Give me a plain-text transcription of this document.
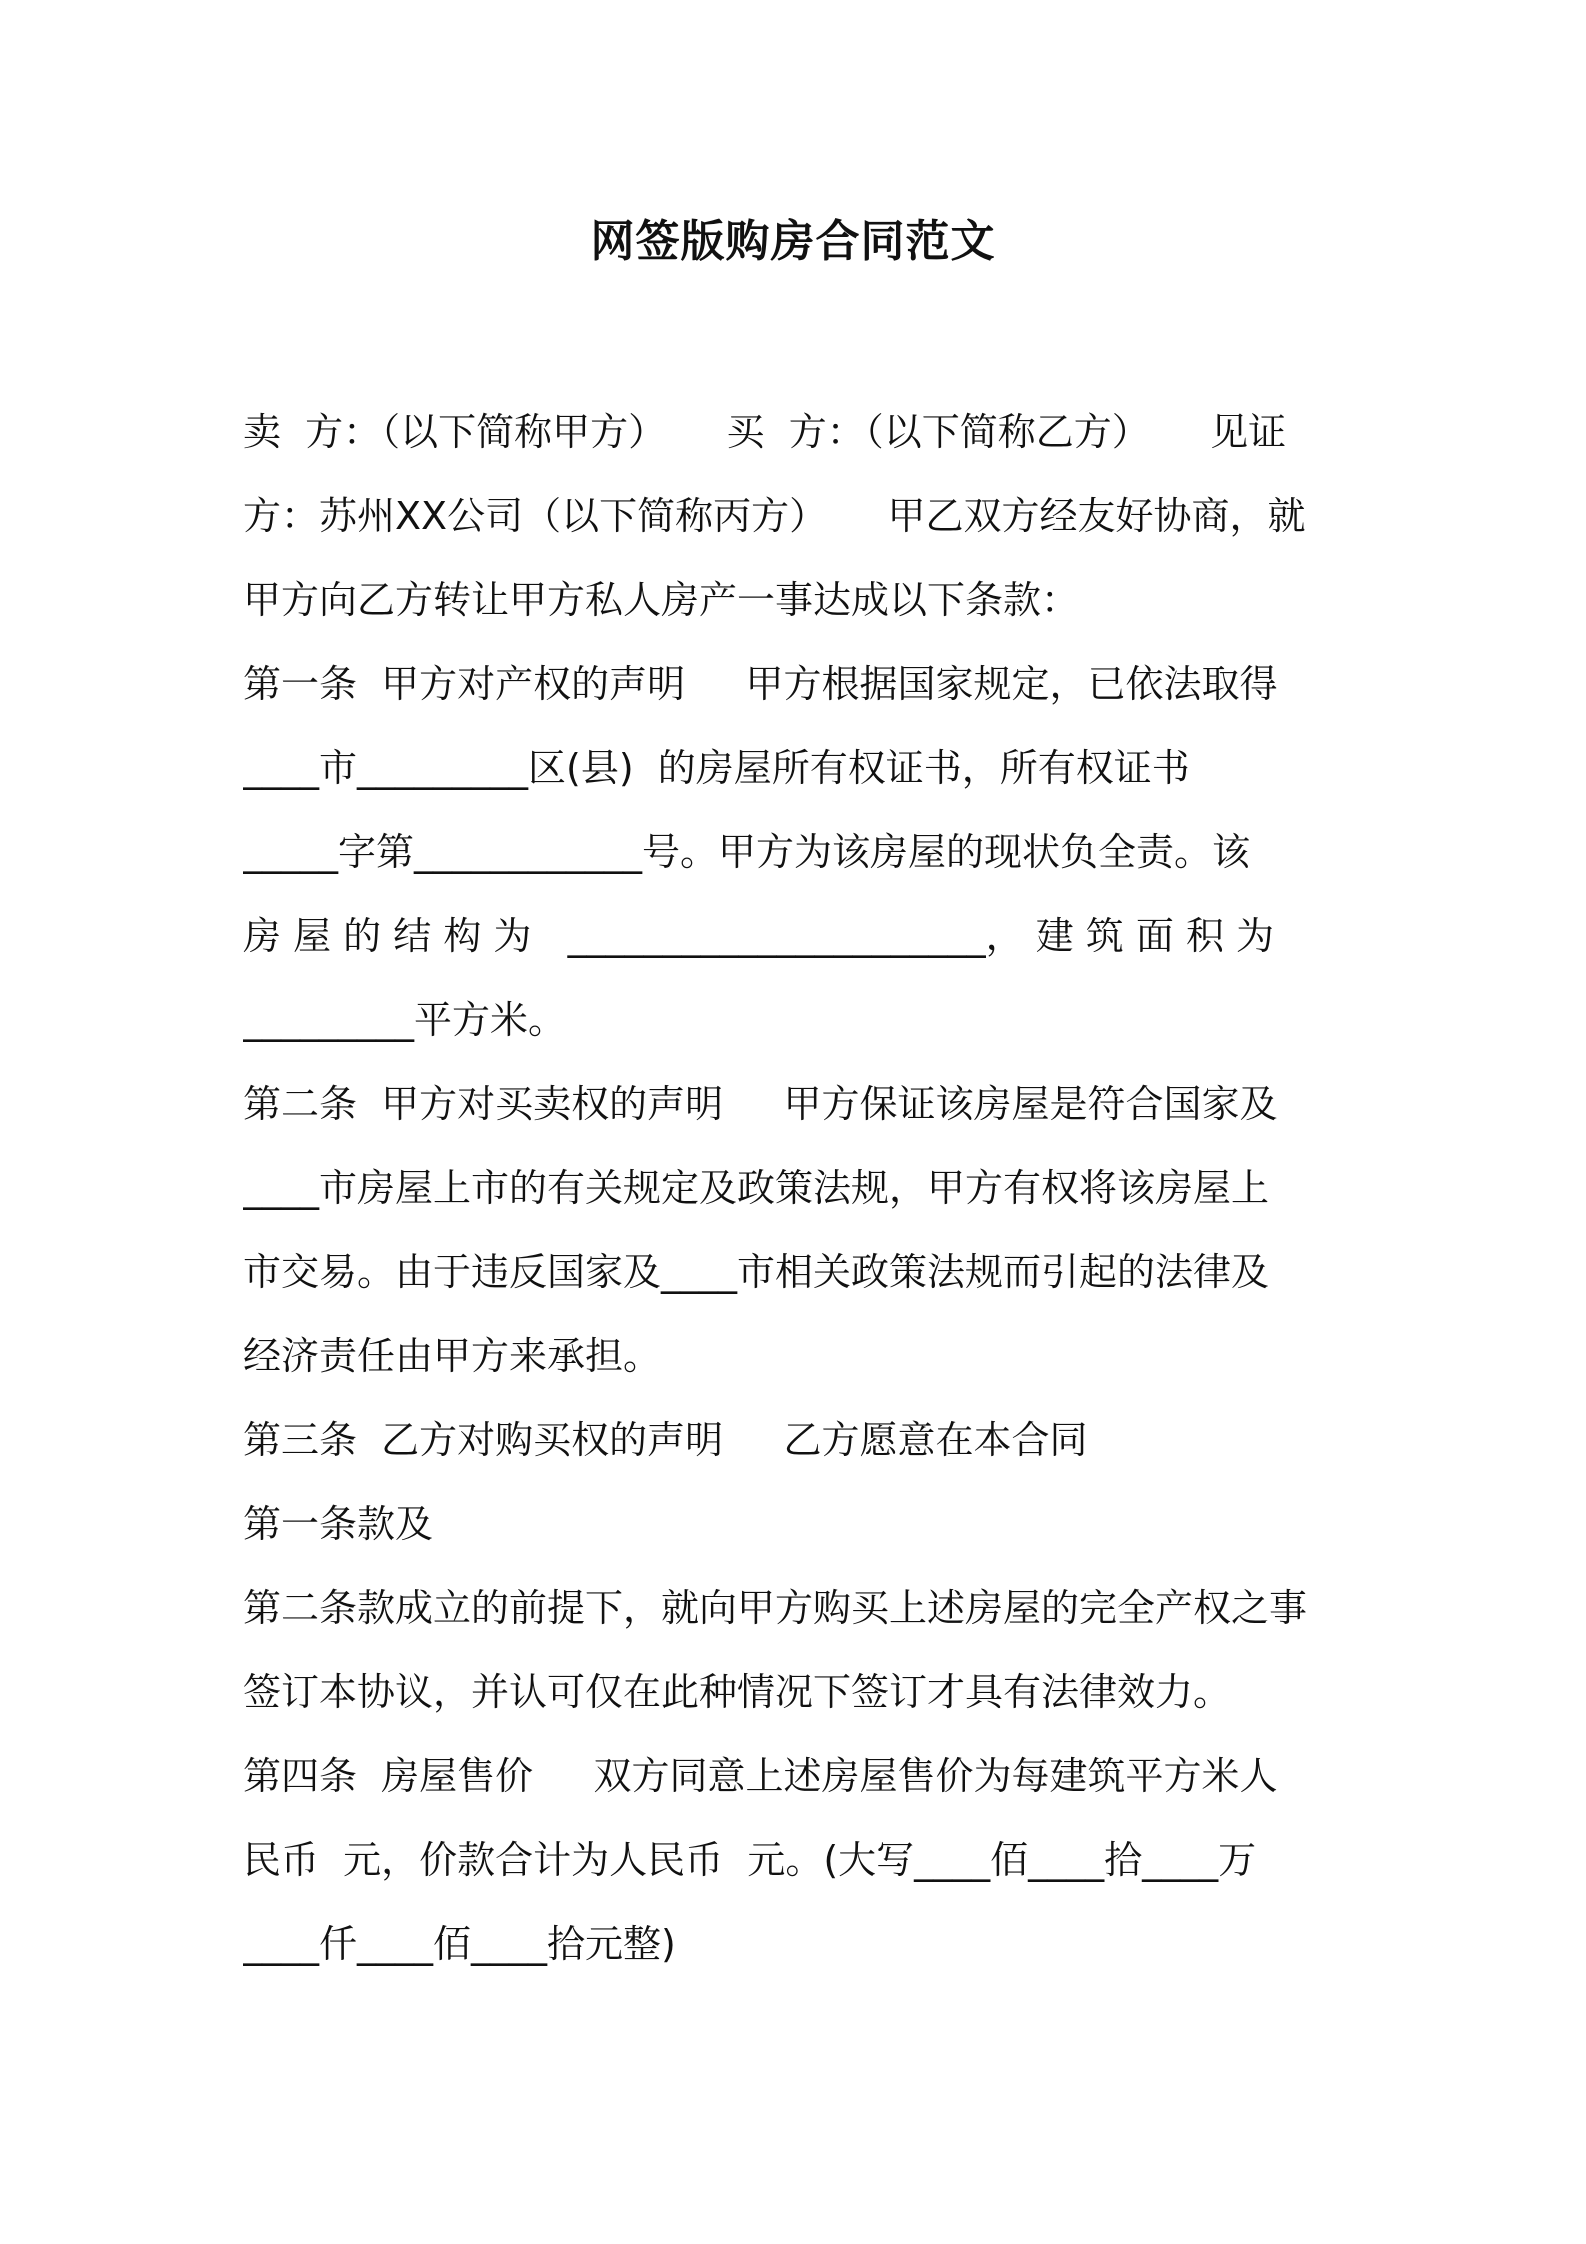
网签版购房合同范文
卖  方：（以下简称甲方）     买  方：（以下简称乙方）     见证
方：苏州XX公司（以下简称丙方）     甲乙双方经友好协商，就
甲方向乙方转让甲方私人房产一事达成以下条款：
第一条  甲方对产权的声明     甲方根据国家规定，已依法取得
____市_________区(县)  的房屋所有权证书，所有权证书
_____字第____________号。甲方为该房屋的现状负全责。该
房 屋 的 结 构 为   ______________________， 建 筑 面 积 为
_________平方米。
第二条  甲方对买卖权的声明     甲方保证该房屋是符合国家及
____市房屋上市的有关规定及政策法规，甲方有权将该房屋上
市交易。由于违反国家及____市相关政策法规而引起的法律及
经济责任由甲方来承担。
第三条  乙方对购买权的声明     乙方愿意在本合同
第一条款及
第二条款成立的前提下，就向甲方购买上述房屋的完全产权之事
签订本协议，并认可仅在此种情况下签订才具有法律效力。
第四条  房屋售价     双方同意上述房屋售价为每建筑平方米人
民币  元，价款合计为人民币  元。(大写____佰____拾____万
____仟____佰____拾元整)
